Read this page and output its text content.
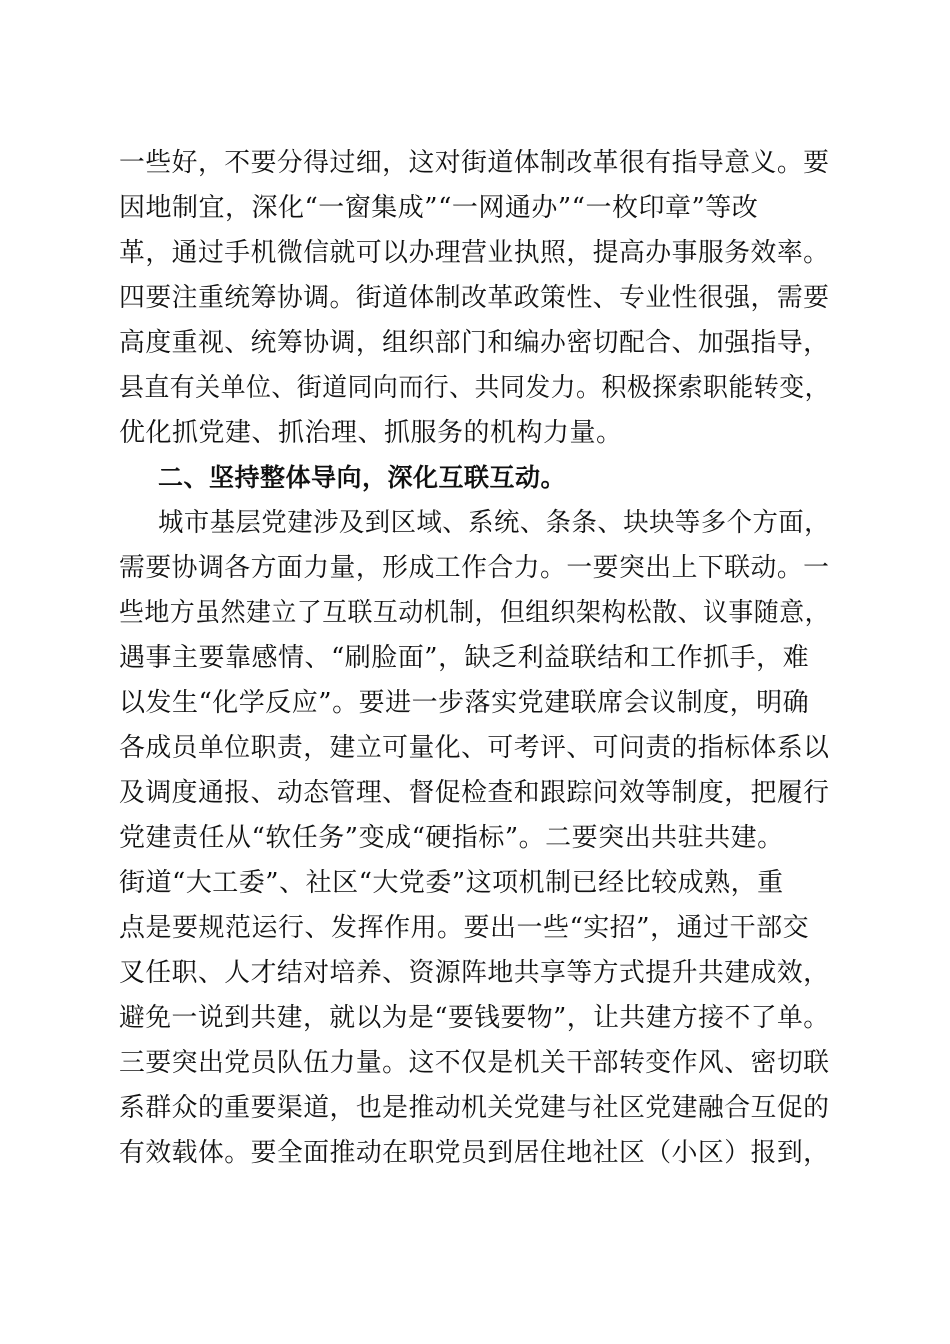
一些好，不要分得过细，这对街道体制改革很有指导意义。要
因地制宜，深化“一窗集成”“一网通办”“一枚印章”等改
革，通过手机微信就可以办理营业执照，提高办事服务效率。
四要注重统筹协调。街道体制改革政策性、专业性很强，需要
高度重视、统筹协调，组织部门和编办密切配合、加强指导，
县直有关单位、街道同向而行、共同发力。积极探索职能转变，
优化抓党建、抓治理、抓服务的机构力量。
二、坚持整体导向，深化互联互动。
城市基层党建涉及到区域、系统、条条、块块等多个方面，
需要协调各方面力量，形成工作合力。一要突出上下联动。一
些地方虽然建立了互联互动机制，但组织架构松散、议事随意，
遇事主要靠感情、“刷脸面”，缺乏利益联结和工作抓手，难
以发生“化学反应”。要进一步落实党建联席会议制度，明确
各成员单位职责，建立可量化、可考评、可问责的指标体系以
及调度通报、动态管理、督促检查和跟踪问效等制度，把履行
党建责任从“软任务”变成“硬指标”。二要突出共驻共建。
街道“大工委”、社区“大党委”这项机制已经比较成熟，重
点是要规范运行、发挥作用。要出一些“实招”，通过干部交
叉任职、人才结对培养、资源阵地共享等方式提升共建成效，
避免一说到共建，就以为是“要钱要物”，让共建方接不了单。
三要突出党员队伍力量。这不仅是机关干部转变作风、密切联
系群众的重要渠道，也是推动机关党建与社区党建融合互促的
有效载体。要全面推动在职党员到居住地社区（小区）报到，
